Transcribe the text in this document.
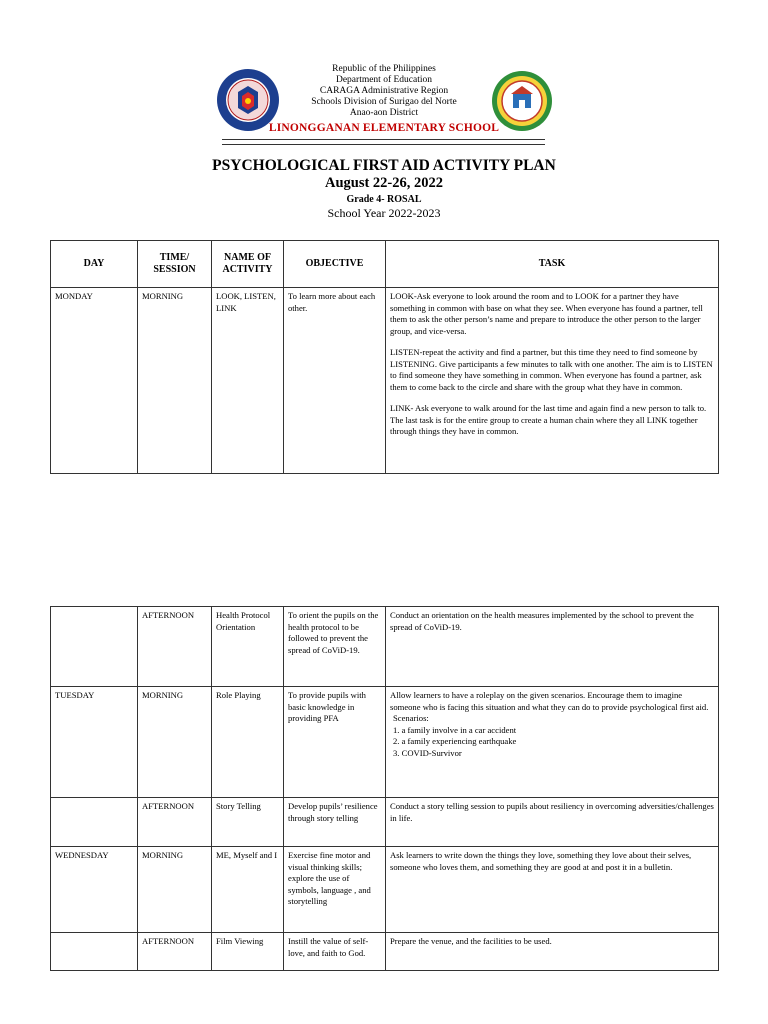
Republic of the Philippines
Department of Education
CARAGA Administrative Region
Schools Division of Surigao del Norte
Anao-aon District
LINONGGANAN ELEMENTARY SCHOOL
PSYCHOLOGICAL FIRST AID ACTIVITY PLAN
August 22-26, 2022
Grade 4- ROSAL
School Year 2022-2023
DAY	TIME/ SESSION	NAME OF ACTIVITY	OBJECTIVE	TASK
MONDAY	MORNING	LOOK, LISTEN, LINK	To learn more about each other.	LOOK-Ask everyone to look around the room and to LOOK for a partner they have something in common with base on what they see. When everyone has found a partner, tell them to ask the other person’s name and prepare to introduce the other person to the larger group, and vice-versa.

LISTEN-repeat the activity and find a partner, but this time they need to find someone by LISTENING. Give participants a few minutes to talk with one another. The aim is to LISTEN to find someone they have something in common. When everyone has found a partner, ask them to come back to the circle and share with the group what they have in common.

LINK- Ask everyone to walk around for the last time and again find a new person to talk to. The last task is for the entire group to create a human chain where they all LINK together through things they have in common.

	AFTERNOON	Health Protocol Orientation	To orient the pupils on the health protocol to be followed to prevent the spread of CoViD-19.	Conduct an orientation on the health measures implemented by the school to prevent the spread of CoViD-19.
TUESDAY	MORNING	Role Playing	To provide pupils with basic knowledge in providing PFA	Allow learners to have a roleplay on the given scenarios. Encourage them to imagine someone who is facing this situation and what they can do to provide psychological first aid.
Scenarios:
1. a family involve in a car accident
2. a family experiencing earthquake
3. COVID-Survivor

	AFTERNOON	Story Telling	Develop pupils’ resilience through story telling	Conduct a story telling session to pupils about resiliency in overcoming adversities/challenges in life.
WEDNESDAY	MORNING	ME, Myself and I	Exercise fine motor and visual thinking skills; explore the use of symbols, language , and storytelling	Ask learners to write down the things they love, something they love about their selves, someone who loves them, and something they are good at and post it in a bulletin.
	AFTERNOON	Film Viewing	Instill the value of self-love, and faith to God.	Prepare the venue, and the facilities to be used.
